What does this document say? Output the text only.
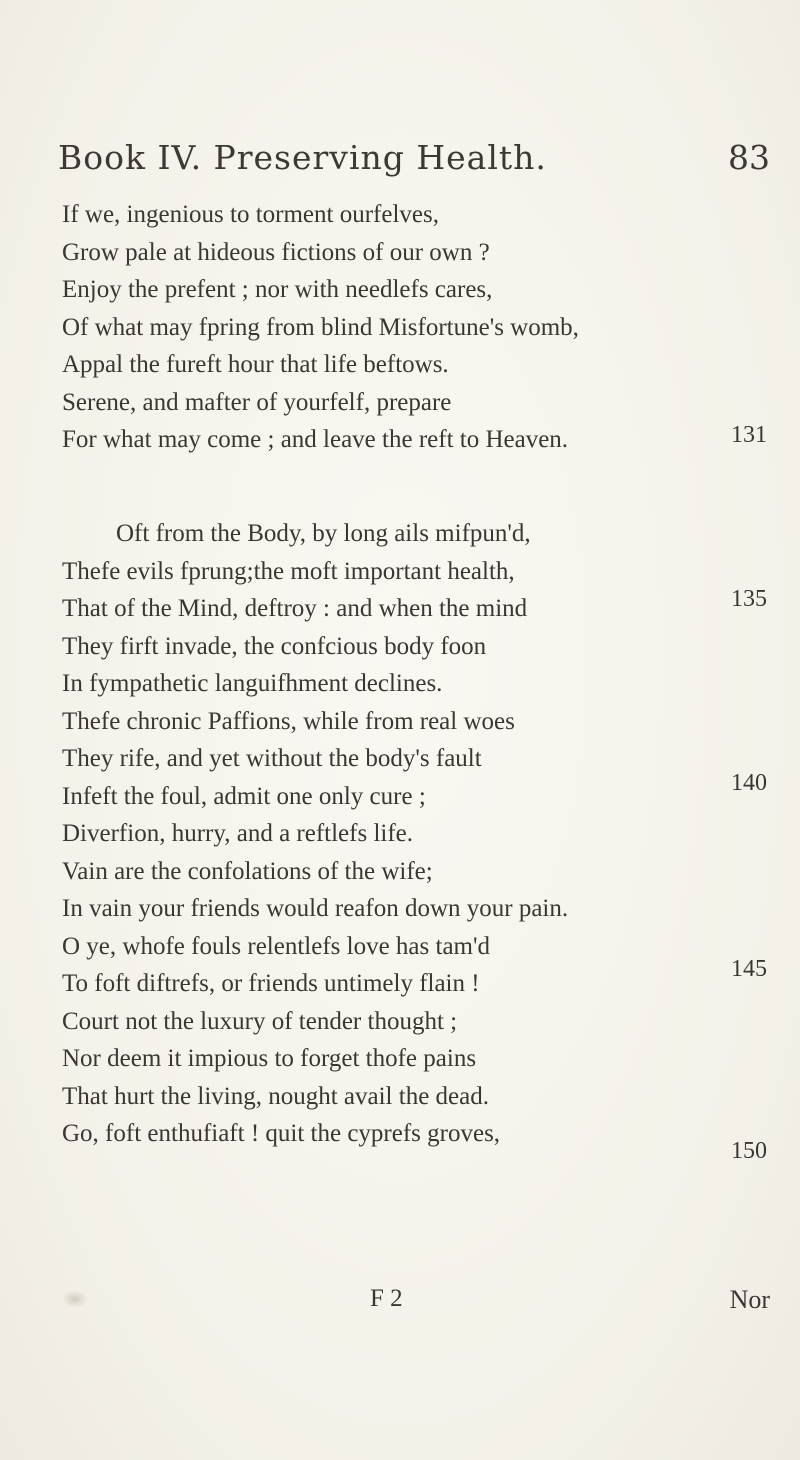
Book IV. Preserving Health.	83
If we, ingenious to torment ourfelves,
Grow pale at hideous fictions of our own ?
Enjoy the prefent ; nor with needlefs cares,
Of what may fpring from blind Misfortune's womb,
Appal the fureft hour that life beftows.
Serene, and mafter of yourfelf, prepare
For what may come ; and leave the reft to Heaven.
Oft from the Body, by long ails mifpun'd,
Thefe evils fprung;the moft important health,
That of the Mind, deftroy : and when the mind
They firft invade, the confcious body foon
In fympathetic languifhment declines.
Thefe chronic Paffions, while from real woes
They rife, and yet without the body's fault
Infeft the foul, admit one only cure ;
Diverfion, hurry, and a reftlefs life.
Vain are the confolations of the wife;
In vain your friends would reafon down your pain.
O ye, whofe fouls relentlefs love has tam'd
To foft diftrefs, or friends untimely flain !
Court not the luxury of tender thought ;
Nor deem it impious to forget thofe pains
That hurt the living, nought avail the dead.
Go, foft enthufiaft ! quit the cyprefs groves,
131
135
140
145
150
F 2	Nor
